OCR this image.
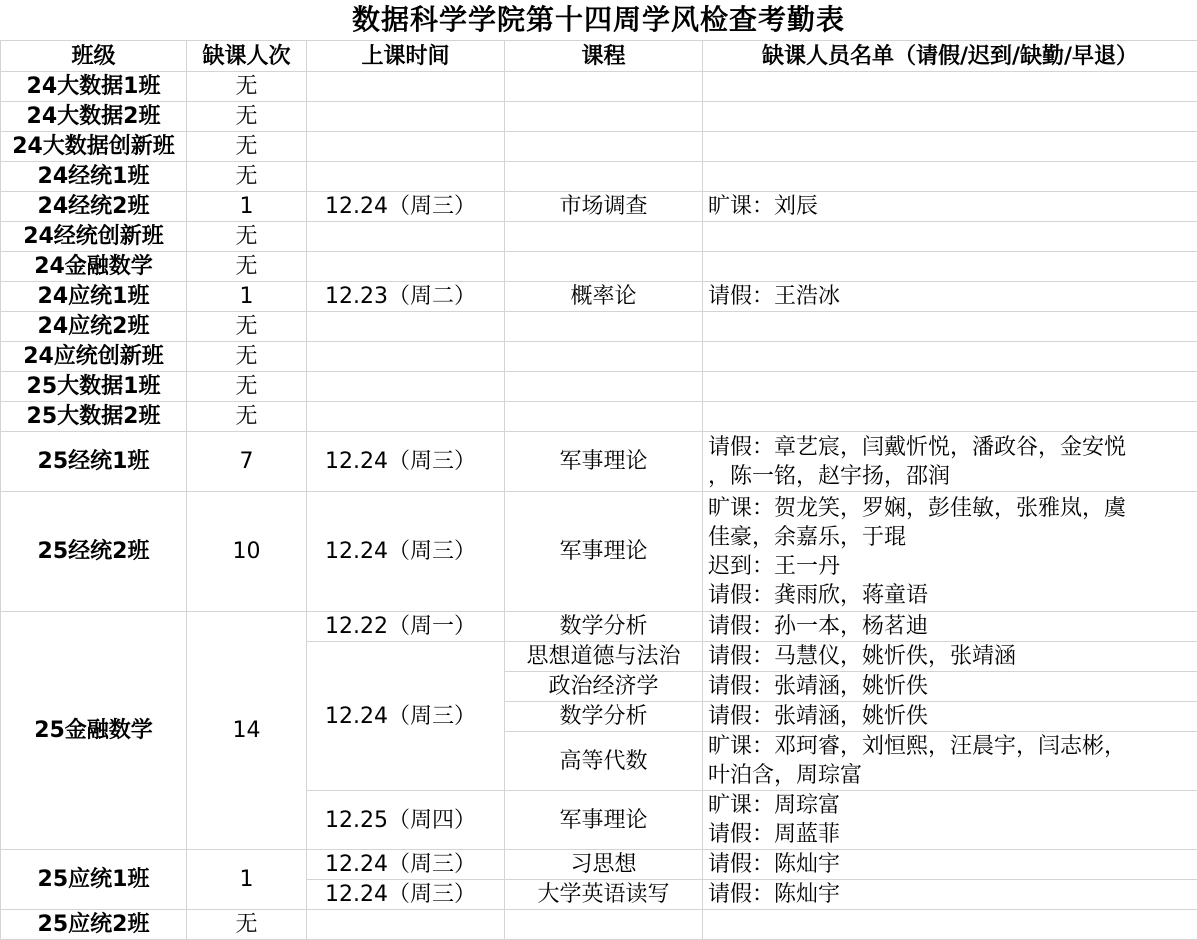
数据科学学院第十四周学风检查考勤表
班级	缺课人次	上课时间	课程	缺课人员名单（请假/迟到/缺勤/早退）
24大数据1班	无			
24大数据2班	无			
24大数据创新班	无			
24经统1班	无			
24经统2班	1	12.24（周三）	市场调查	旷课：刘辰

24经统创新班	无			
24金融数学	无			
24应统1班	1	12.23（周二）	概率论	请假：王浩冰

24应统2班	无			
24应统创新班	无			
25大数据1班	无			
25大数据2班	无			
25经统1班	7	12.24（周三）	军事理论	请假：章艺宸，闫戴忻悦，潘政谷，金安悦
，陈一铭，赵宇扬，邵润

25经统2班	10	12.24（周三）	军事理论	旷课：贺龙笑，罗娴，彭佳敏，张雅岚，虞
佳豪，余嘉乐，于琨
迟到：王一丹
请假：龚雨欣，蒋童语

25金融数学	14	12.22（周一）	数学分析	请假：孙一本，杨茗迪

		12.24（周三）	思想道德与法治	请假：马慧仪，姚忻佚，张靖涵

			政治经济学	请假：张靖涵，姚忻佚

			数学分析	请假：张靖涵，姚忻佚

			高等代数	旷课：邓珂睿，刘恒熙，汪晨宇，闫志彬，
叶泊含，周琮富

		12.25（周四）	军事理论	旷课：周琮富
请假：周蓝菲

25应统1班	1	12.24（周三）	习思想	请假：陈灿宇

		12.24（周三）	大学英语读写	请假：陈灿宇

25应统2班	无			
